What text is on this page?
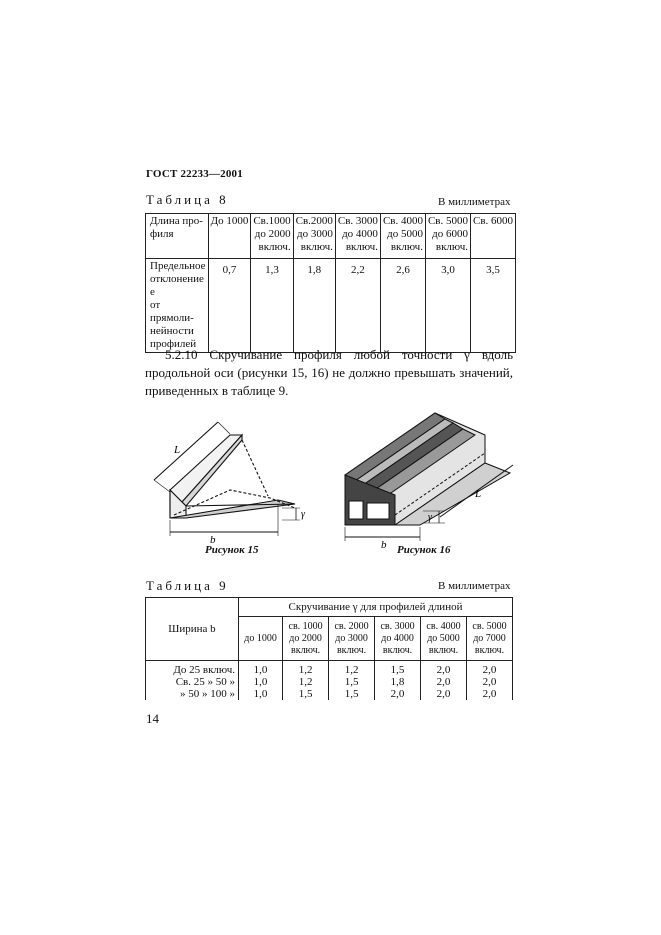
ГОСТ 22233—2001
Таблица 8	В миллиметрах
Длина про-
филя	До 1000	Св.1000
до 2000
включ.	Св.2000
до 3000
включ.	Св. 3000
до 4000
включ.	Св. 4000
до 5000
включ.	Св. 5000
до 6000
включ.	Св. 6000
Предельное
отклонение е
от прямоли-
нейности
профилей	0,7	1,3	1,8	2,2	2,6	3,0	3,5
5.2.10 Скручивание профиля любой точности γ вдоль продольной оси (рисунки 15, 16) не должно превышать значений, приведенных в таблице 9.
L
b
γ
Рисунок 15
L
b
γ
Рисунок 16
Таблица 9	В миллиметрах
Ширина b	Скручивание γ для профилей длиной					
	до 1000	св. 1000
до 2000
включ.	св. 2000
до 3000
включ.	св. 3000
до 4000
включ.	св. 4000
до 5000
включ.	св. 5000
до 7000
включ.
До 25 включ.	1,0	1,2	1,2	1,5	2,0	2,0
Св. 25 » 50 »	1,0	1,2	1,5	1,8	2,0	2,0
» 50 » 100 »	1,0	1,5	1,5	2,0	2,0	2,0
14
